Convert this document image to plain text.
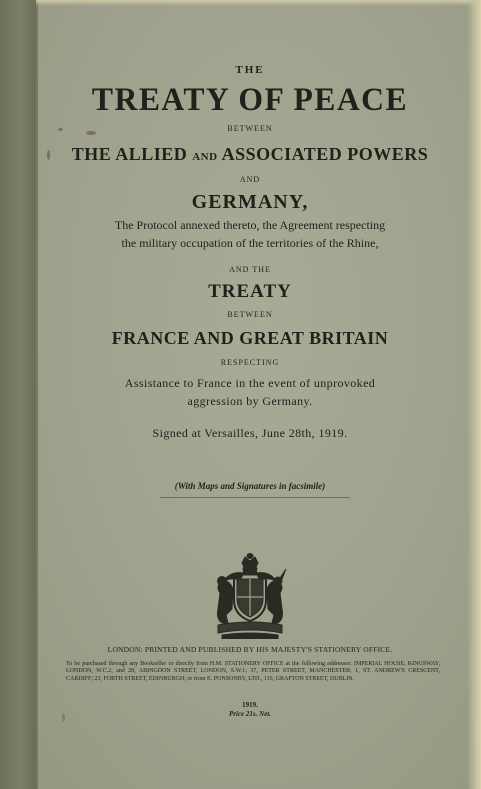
THE

TREATY OF PEACE

BETWEEN

THE ALLIED AND ASSOCIATED POWERS

AND

GERMANY,

The Protocol annexed thereto, the Agreement respecting

the military occupation of the territories of the Rhine,

AND THE

TREATY

BETWEEN

FRANCE AND GREAT BRITAIN

RESPECTING

Assistance to France in the event of unprovoked

aggression by Germany.

Signed at Versailles, June 28th, 1919.

(With Maps and Signatures in facsimile)

LONDON: PRINTED AND PUBLISHED BY HIS MAJESTY'S STATIONERY OFFICE.

To be purchased through any Bookseller or directly from H.M. STATIONERY OFFICE at the following addresses: IMPERIAL HOUSE, KINGSWAY, LONDON, W.C.2, and 28, ABINGDON STREET, LONDON, S.W.1; 37, PETER STREET, MANCHESTER; 1, ST. ANDREW'S CRESCENT, CARDIFF; 23, FORTH STREET, EDINBURGH; or from E. PONSONBY, LTD., 116, GRAFTON STREET, DUBLIN.

1919.

Price 21s. Net.
